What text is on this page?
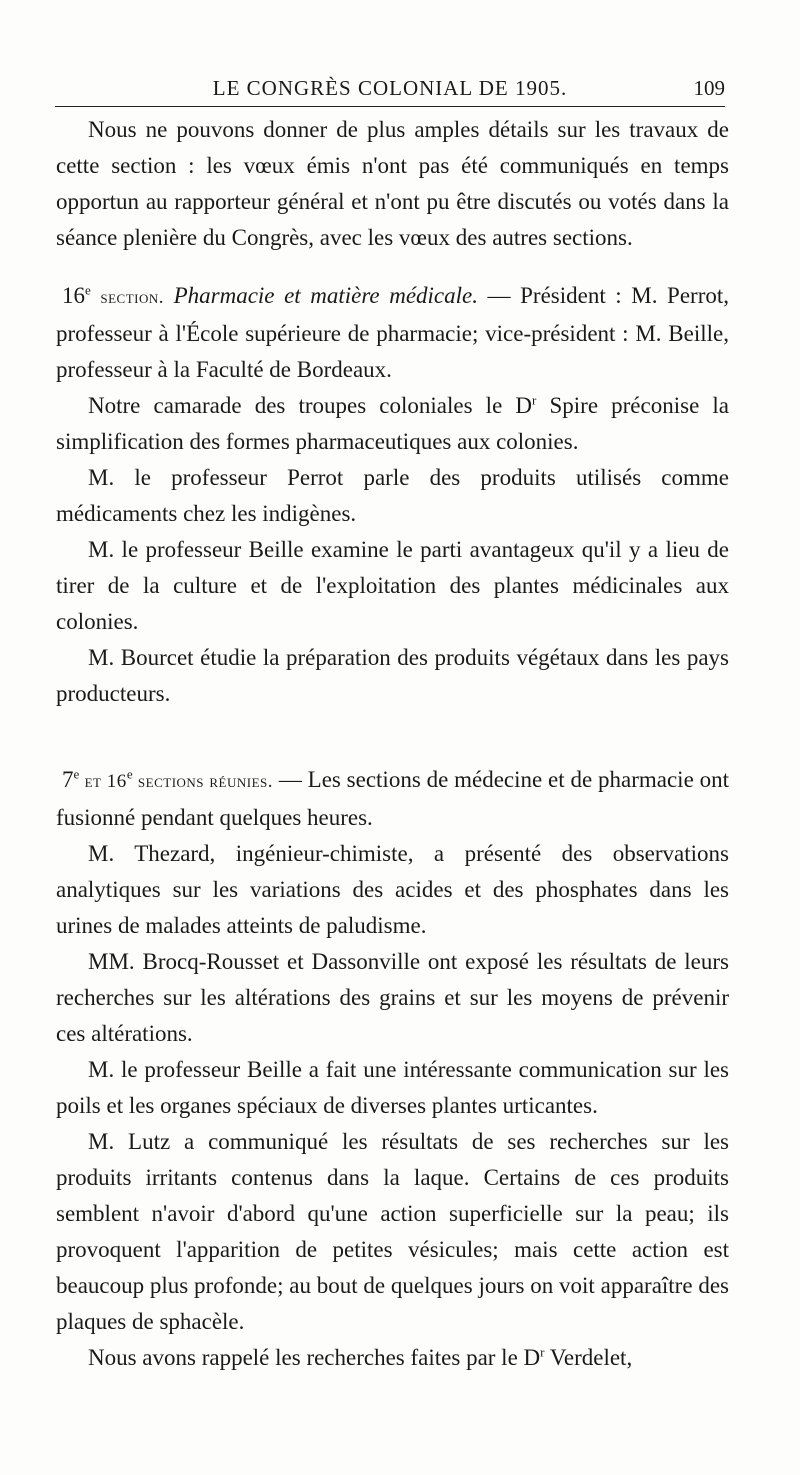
LE CONGRÈS COLONIAL DE 1905.	109

Nous ne pouvons donner de plus amples détails sur les travaux de cette section : les vœux émis n'ont pas été communiqués en temps opportun au rapporteur général et n'ont pu être discutés ou votés dans la séance plenière du Congrès, avec les vœux des autres sections.

16e section. Pharmacie et matière médicale. — Président : M. Perrot, professeur à l'École supérieure de pharmacie; vice-président : M. Beille, professeur à la Faculté de Bordeaux.

Notre camarade des troupes coloniales le $D^r$ Spire préconise la simplification des formes pharmaceutiques aux colonies.

M. le professeur Perrot parle des produits utilisés comme médicaments chez les indigènes.

M. le professeur Beille examine le parti avantageux qu'il y a lieu de tirer de la culture et de l'exploitation des plantes médicinales aux colonies.

M. Bourcet étudie la préparation des produits végétaux dans les pays producteurs.

7e et 16e sections réunies. — Les sections de médecine et de pharmacie ont fusionné pendant quelques heures.

M. Thezard, ingénieur-chimiste, a présenté des observations analytiques sur les variations des acides et des phosphates dans les urines de malades atteints de paludisme.

MM. Brocq-Rousset et Dassonville ont exposé les résultats de leurs recherches sur les altérations des grains et sur les moyens de prévenir ces altérations.

M. le professeur Beille a fait une intéressante communication sur les poils et les organes spéciaux de diverses plantes urticantes.

M. Lutz a communiqué les résultats de ses recherches sur les produits irritants contenus dans la laque. Certains de ces produits semblent n'avoir d'abord qu'une action superficielle sur la peau; ils provoquent l'apparition de petites vésicules; mais cette action est beaucoup plus profonde; au bout de quelques jours on voit apparaître des plaques de sphacèle.

Nous avons rappelé les recherches faites par le $D^r$ Verdelet,
